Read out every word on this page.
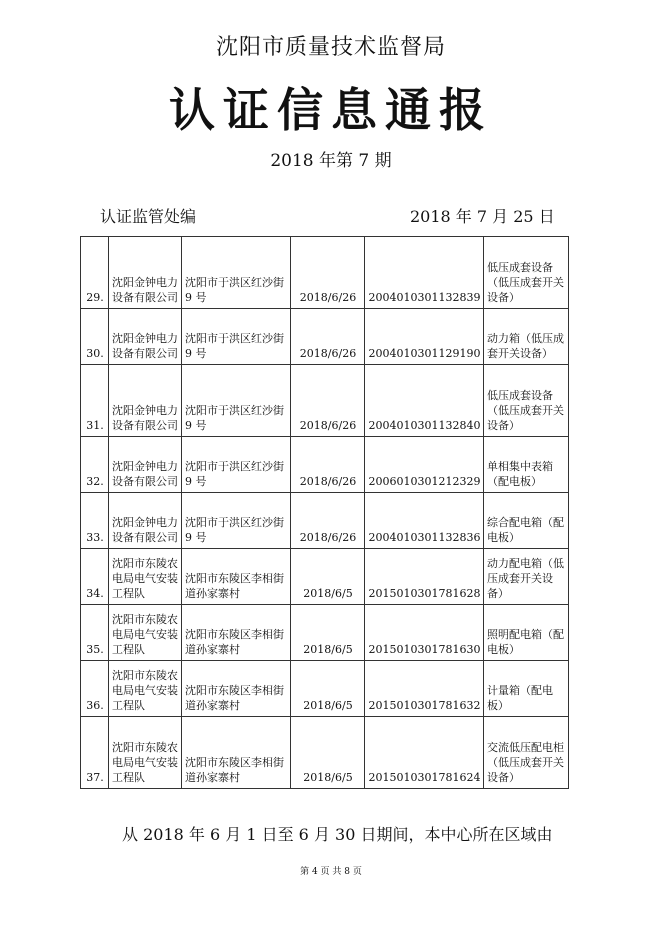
沈阳市质量技术监督局
认证信息通报
2018 年第 7 期
认证监管处编	2018 年 7 月 25 日
29.	沈阳金钟电力设备有限公司	沈阳市于洪区红沙街 9 号	2018/6/26	2004010301132839	低压成套设备（低压成套开关设备）
30.	沈阳金钟电力设备有限公司	沈阳市于洪区红沙街 9 号	2018/6/26	2004010301129190	动力箱（低压成套开关设备）
31.	沈阳金钟电力设备有限公司	沈阳市于洪区红沙街 9 号	2018/6/26	2004010301132840	低压成套设备（低压成套开关设备）
32.	沈阳金钟电力设备有限公司	沈阳市于洪区红沙街 9 号	2018/6/26	2006010301212329	单相集中表箱（配电板）
33.	沈阳金钟电力设备有限公司	沈阳市于洪区红沙街 9 号	2018/6/26	2004010301132836	综合配电箱（配电板）
34.	沈阳市东陵农电局电气安装工程队	沈阳市东陵区李相街道孙家寨村	2018/6/5	2015010301781628	动力配电箱（低压成套开关设备）
35.	沈阳市东陵农电局电气安装工程队	沈阳市东陵区李相街道孙家寨村	2018/6/5	2015010301781630	照明配电箱（配电板）
36.	沈阳市东陵农电局电气安装工程队	沈阳市东陵区李相街道孙家寨村	2018/6/5	2015010301781632	计量箱（配电板）
37.	沈阳市东陵农电局电气安装工程队	沈阳市东陵区李相街道孙家寨村	2018/6/5	2015010301781624	交流低压配电柜（低压成套开关设备）
从 2018 年 6 月 1 日至 6 月 30 日期间，本中心所在区域由
第 4 页 共 8 页
